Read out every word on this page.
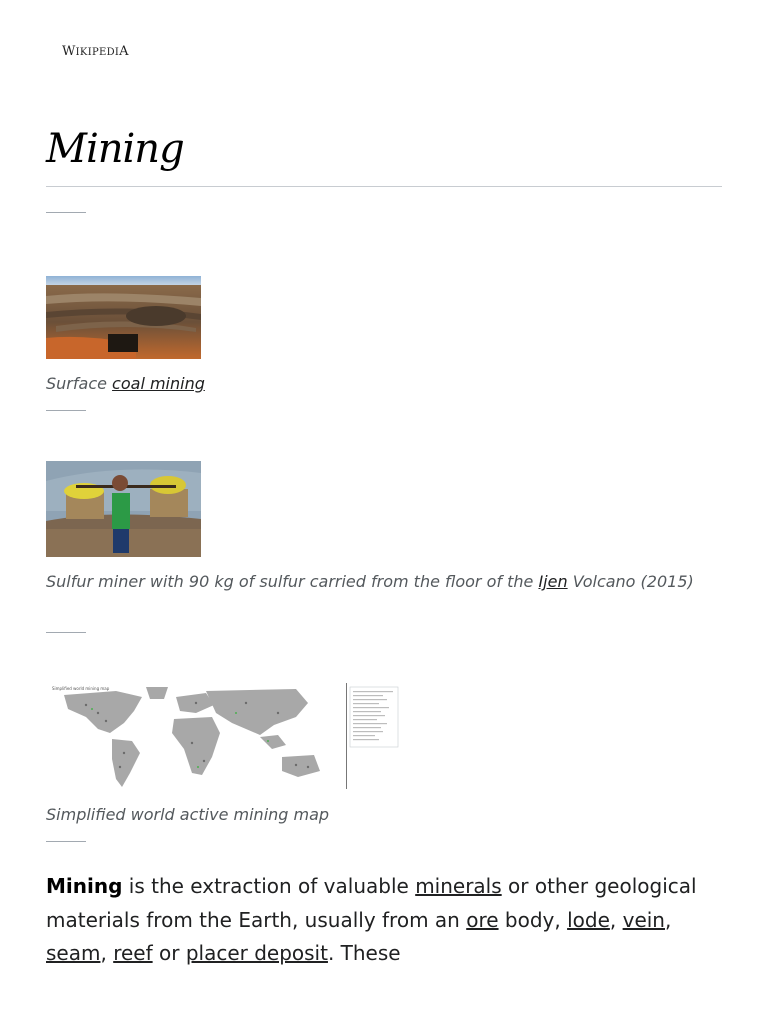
WIKIPEDIA
Mining
Surface coal mining
Sulfur miner with 90 kg of sulfur carried from the floor of the Ijen Volcano (2015)
Simplified world mining map
Simplified world active mining map

Mining is the extraction of valuable minerals or other geological materials from the Earth, usually from an ore body, lode, vein, seam, reef or placer deposit. These
